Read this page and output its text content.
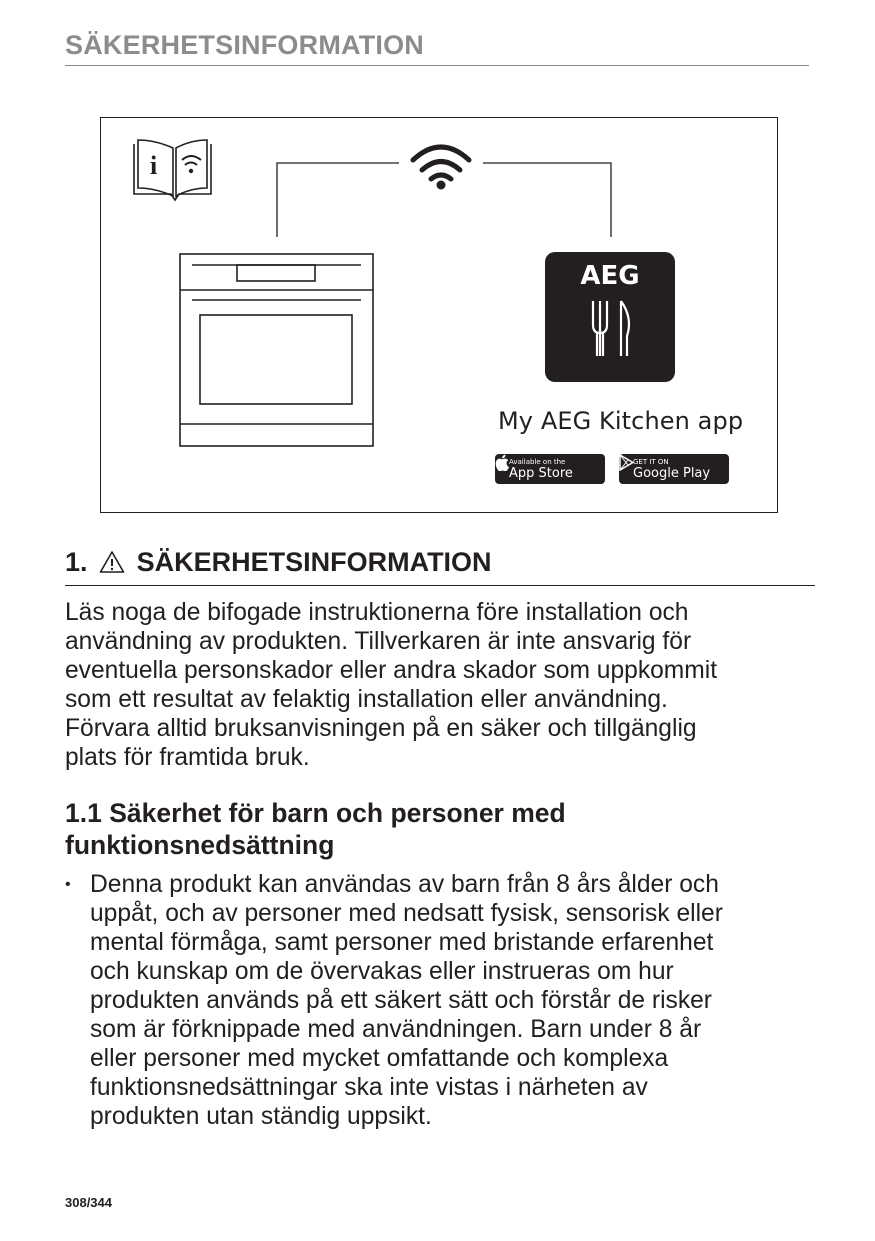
SÄKERHETSINFORMATION
i
AEG
My AEG Kitchen app
Available on the
App Store
GET IT ON
Google Play
1. SÄKERHETSINFORMATION

Läs noga de bifogade instruktionerna före installation och
användning av produkten. Tillverkaren är inte ansvarig för
eventuella personskador eller andra skador som uppkommit
som ett resultat av felaktig installation eller användning.
Förvara alltid bruksanvisningen på en säker och tillgänglig
plats för framtida bruk.

1.1 Säkerhet för barn och personer med
funktionsnedsättning
• Denna produkt kan användas av barn från 8 års ålder och
uppåt, och av personer med nedsatt fysisk, sensorisk eller
mental förmåga, samt personer med bristande erfarenhet
och kunskap om de övervakas eller instrueras om hur
produkten används på ett säkert sätt och förstår de risker
som är förknippade med användningen. Barn under 8 år
eller personer med mycket omfattande och komplexa
funktionsnedsättningar ska inte vistas i närheten av
produkten utan ständig uppsikt.
308/344
